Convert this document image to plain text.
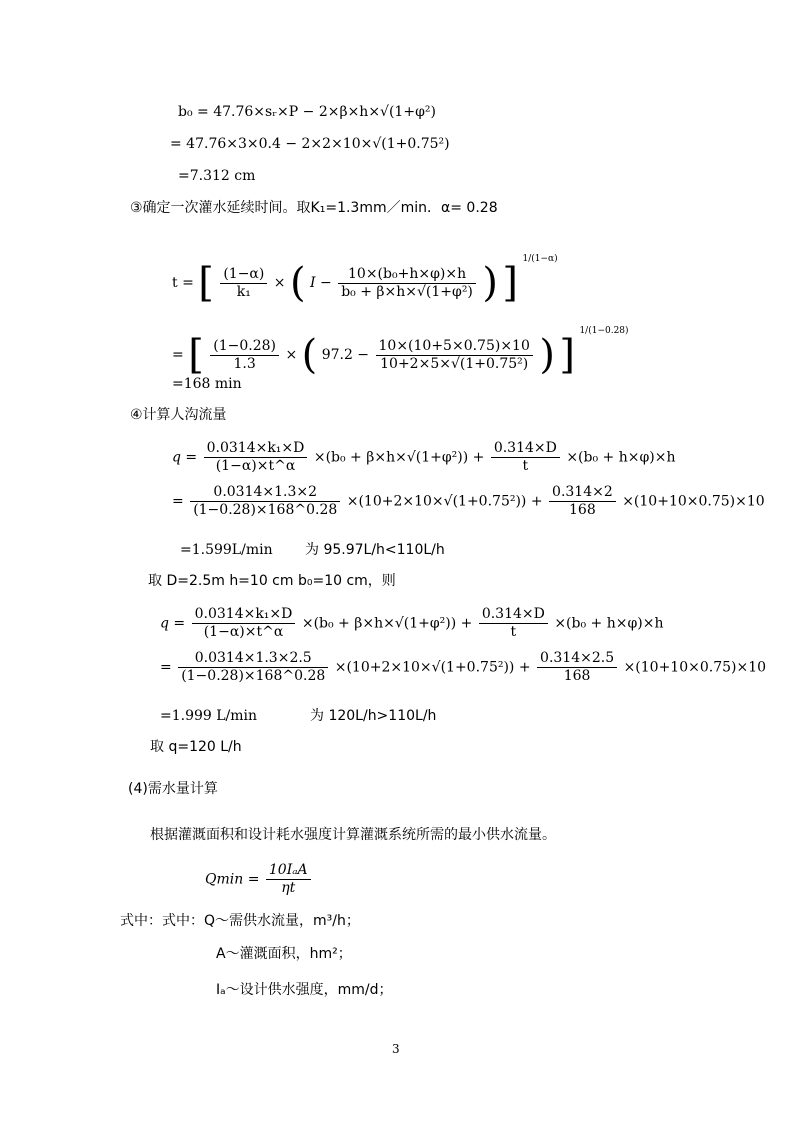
b₀ = 47.76×sᵣ×P − 2×β×h×√(1+φ²)
= 47.76×3×0.4 − 2×2×10×√(1+0.75²)
=7.312 cm
③确定一次灌水延续时间。取K₁=1.3mm／min．α= 0.28
t = [ $\frac{(1-\alpha)}{\text{k₁}}$ × ( $I - \frac{\text{10×(b₀+h×φ)×h}}{\text{b₀ + β×h×√(1+φ²)}}$ ) ] $^{1/(1-\alpha)}$
= [ $\frac{(1-0.28)}{1.3}$ × ( $97.2 - \frac{10\times(10+5\times 0.75)\times 10}{\text{10+2×5×√(1+0.75²)}}$ ) ] $^{1/(1-0.28)}$
=168 min
④计算人沟流量
$q = \frac{\text{0.0314×k₁×D}}{(1-\alpha)\times t\^{}\alpha} \times(b_0 + \beta\times h\times√(1+\varphi^2)) + \frac{0.314\times D}{t} \times(b_0 + h\times\varphi)\times h$
= $\frac{0.0314\times 1.3\times 2}{(1-0.28)\times 168\^{}0.28} \times(10+2\times 10\times√(1+0.75^2)) + \frac{0.314\times 2}{168} \times(10+10\times 0.75)\times 10$
=1.599L/min 为 95.97L/h<110L/h
取 D=2.5m h=10 cm b₀=10 cm，则
$q = \frac{\text{0.0314×k₁×D}}{(1-\alpha)\times t\^{}\alpha} \times(b_0 + \beta\times h\times√(1+\varphi^2)) + \frac{0.314\times D}{t} \times(b_0 + h\times\varphi)\times h$
= $\frac{0.0314\times 1.3\times 2.5}{(1-0.28)\times 168\^{}0.28} \times(10+2\times 10\times√(1+0.75^2)) + \frac{0.314\times 2.5}{168} \times(10+10\times 0.75)\times 10$
=1.999 L/min	为 120L/h>110L/h
取 q=120 L/h
(4)需水量计算
根据灌溉面积和设计耗水强度计算灌溉系统所需的最小供水流量。
$Qmin = \frac{\text{10IₐA}}{\eta t}$
式中：式中：Q～需供水流量，m³/h；
A～灌溉面积，hm²；
Iₐ～设计供水强度，mm/d；
3
